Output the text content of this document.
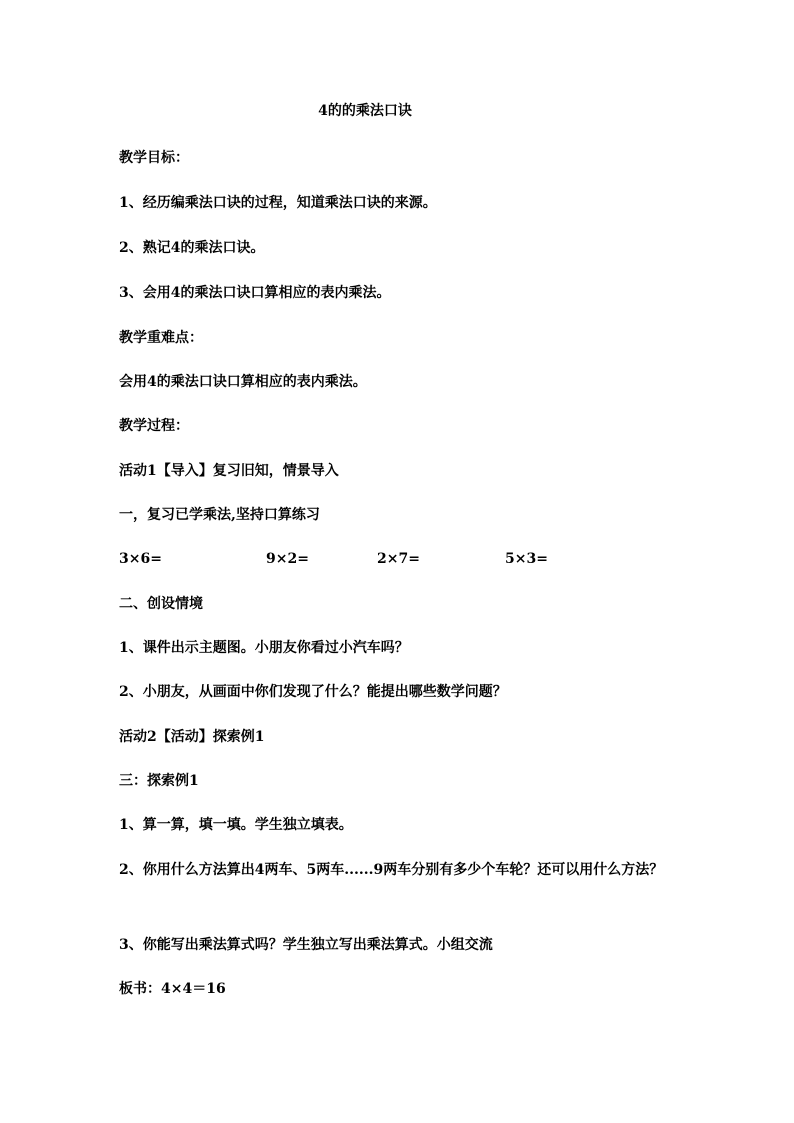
4的的乘法口诀
教学目标：
1、经历编乘法口诀的过程，知道乘法口诀的来源。
2、熟记4的乘法口诀。
3、会用4的乘法口诀口算相应的表内乘法。
教学重难点：
会用4的乘法口诀口算相应的表内乘法。
教学过程：
活动1【导入】复习旧知，情景导入
一，复习已学乘法,坚持口算练习
3×6=	9×2=	2×7=	5×3=
二、创设情境
1、课件出示主题图。小朋友你看过小汽车吗？
2、小朋友，从画面中你们发现了什么？能提出哪些数学问题？
活动2【活动】探索例1
三：探索例1
1、算一算，填一填。学生独立填表。
2、你用什么方法算出4两车、5两车......9两车分别有多少个车轮？还可以用什么方法？
3、你能写出乘法算式吗？学生独立写出乘法算式。小组交流
板书：4×4＝16
